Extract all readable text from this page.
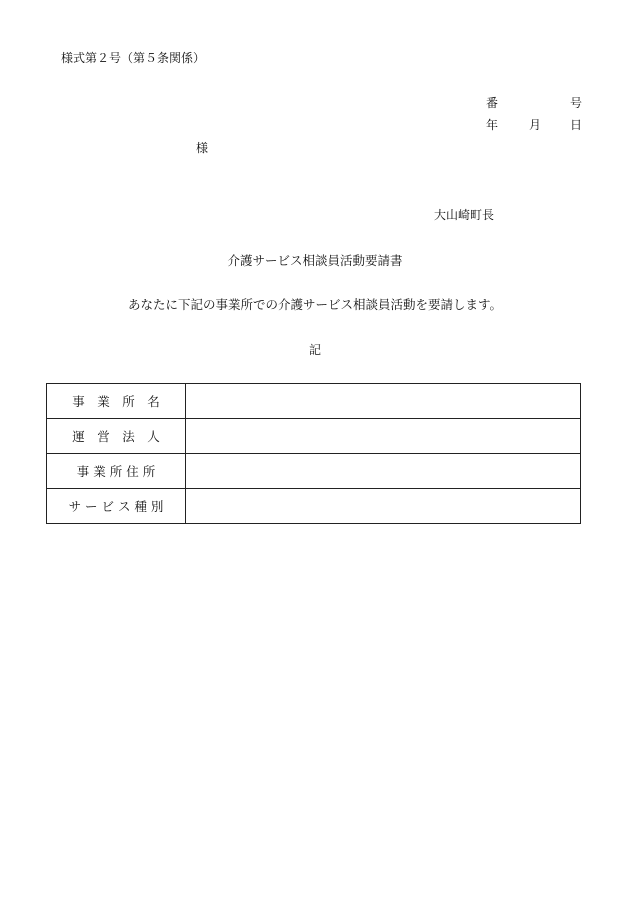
様式第２号（第５条関係）
番	号
年	月 日
様
大山崎町長
介護サービス相談員活動要請書
あなたに下記の事業所での介護サービス相談員活動を要請します。
記
事　業　所　名	
運　営　法　人	
事 業 所 住 所	
サ ー ビ ス 種 別	
